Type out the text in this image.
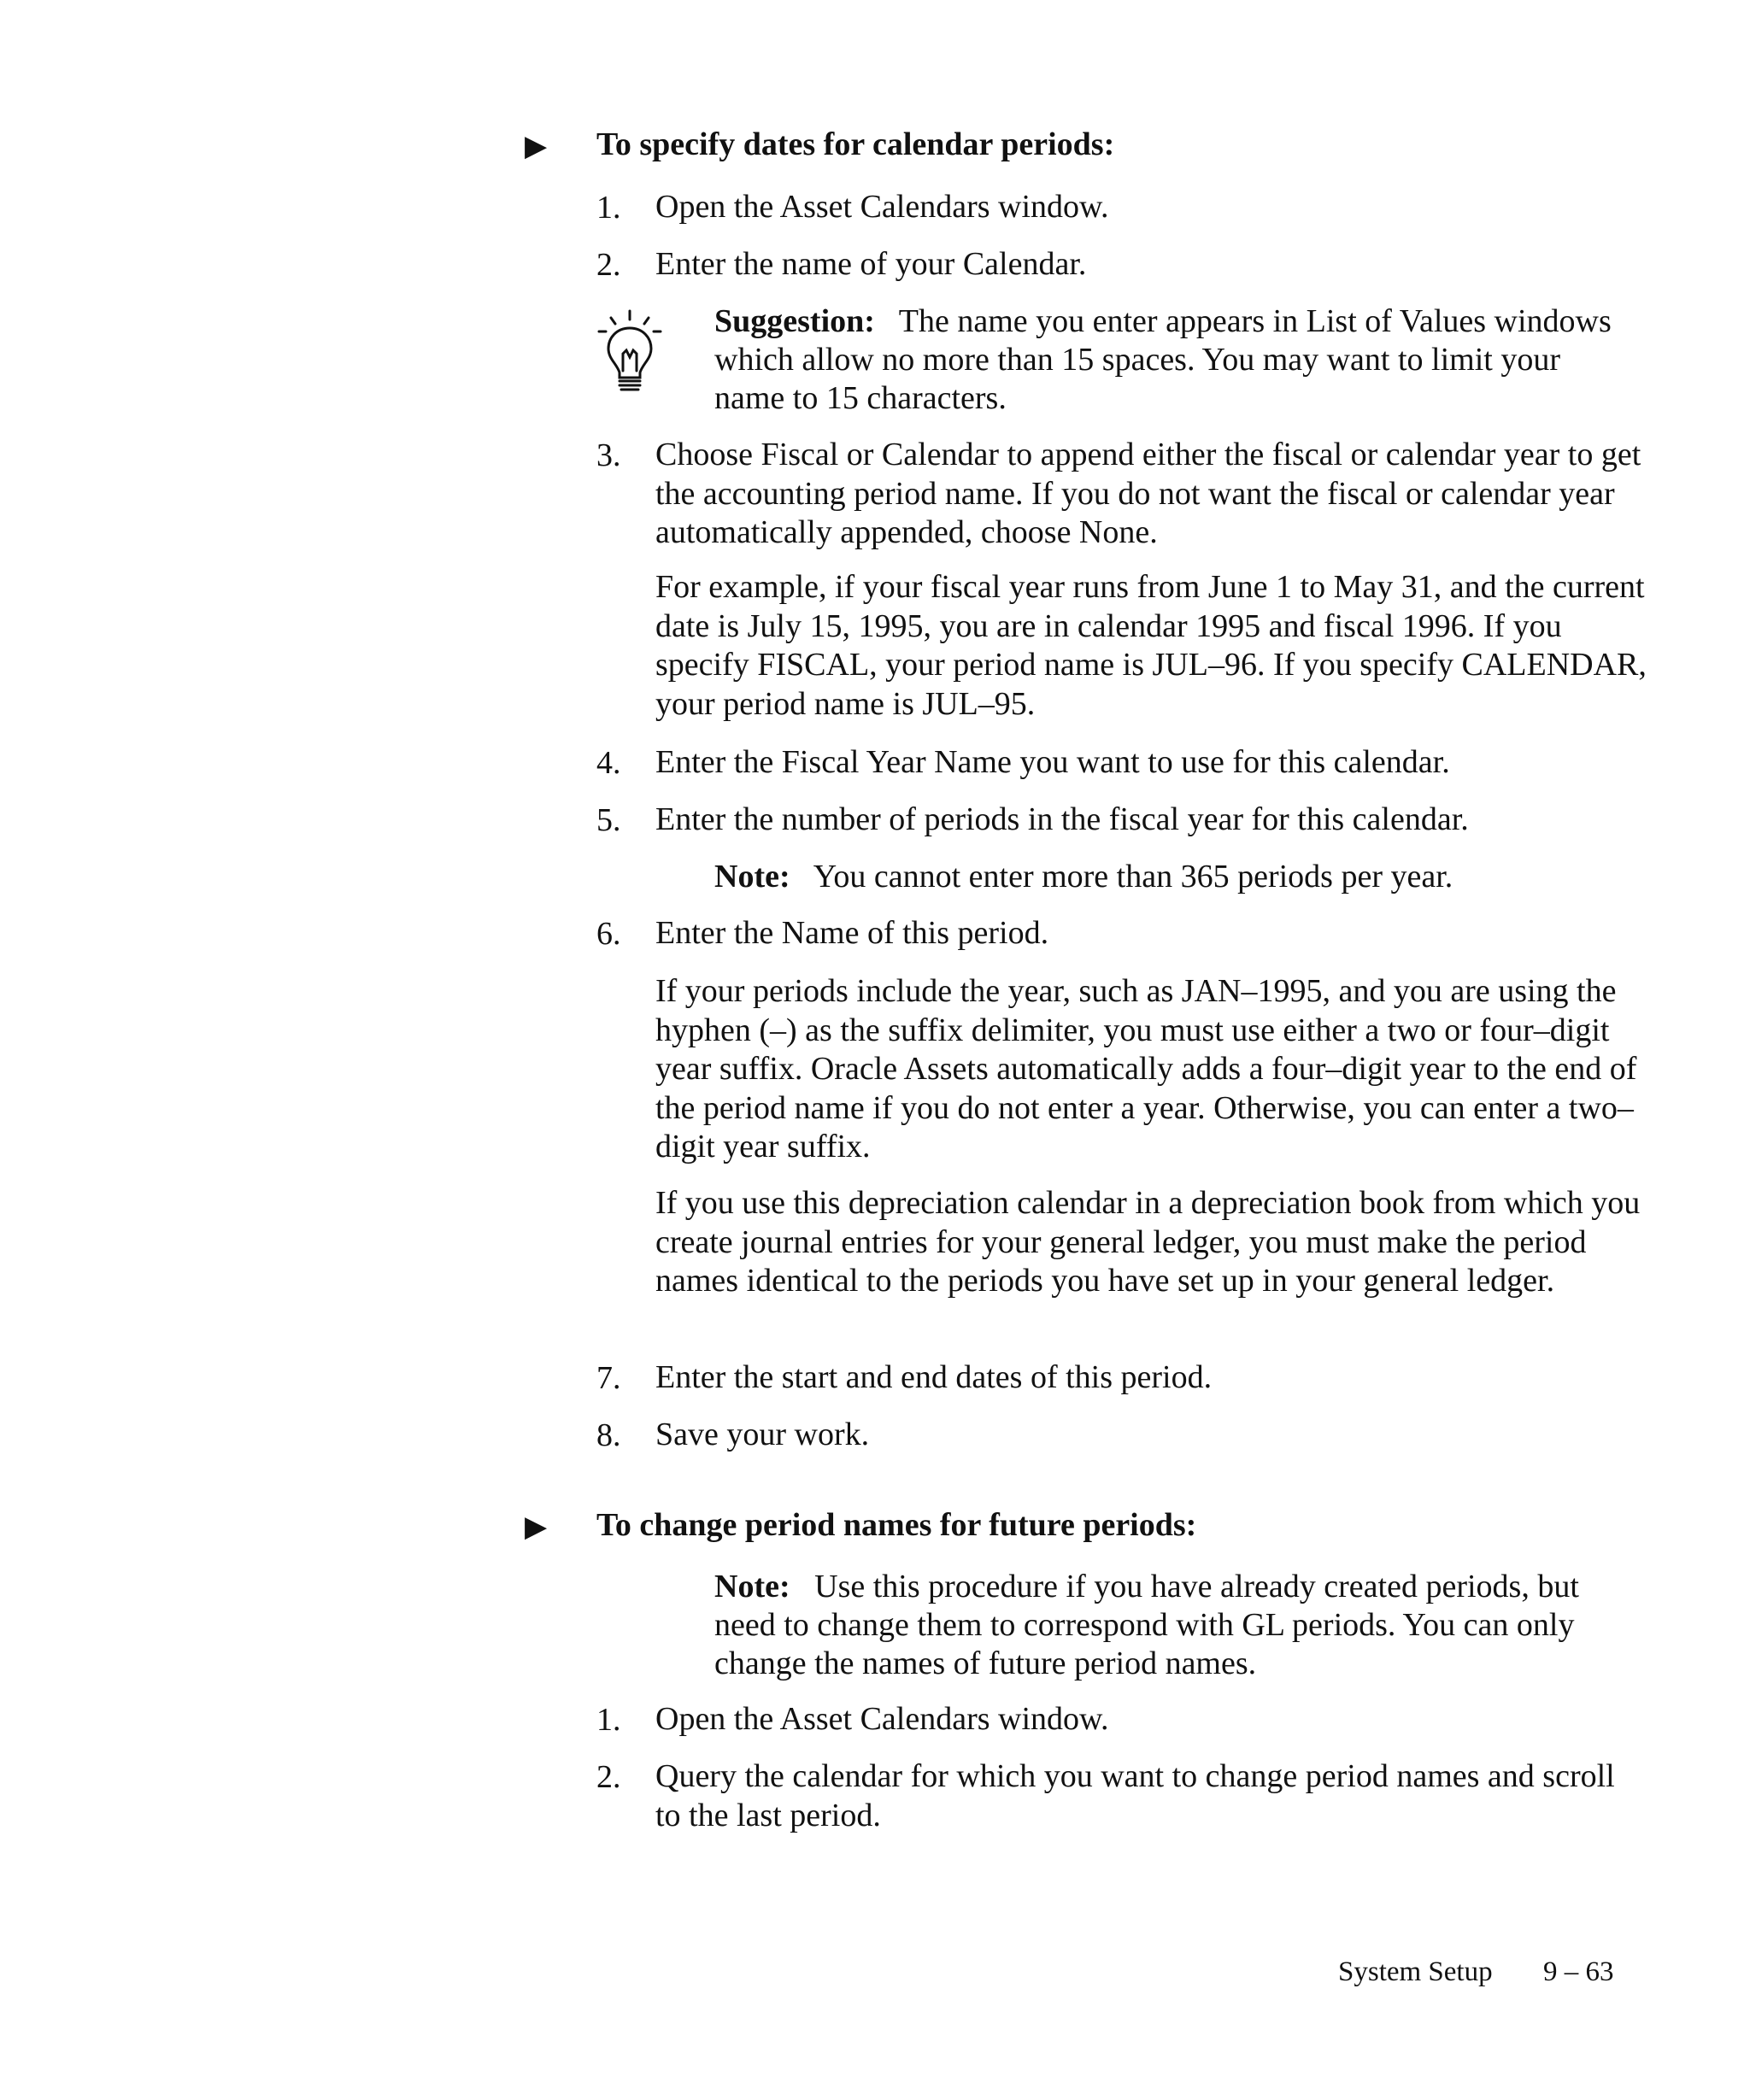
▶ To specify dates for calendar periods:
1. Open the Asset Calendars window.
2. Enter the name of your Calendar.
Suggestion: The name you enter appears in List of Values windows which allow no more than 15 spaces. You may want to limit your name to 15 characters.
3. Choose Fiscal or Calendar to append either the fiscal or calendar year to get the accounting period name. If you do not want the fiscal or calendar year automatically appended, choose None.
For example, if your fiscal year runs from June 1 to May 31, and the current date is July 15, 1995, you are in calendar 1995 and fiscal 1996. If you specify FISCAL, your period name is JUL–96. If you specify CALENDAR, your period name is JUL–95.
4. Enter the Fiscal Year Name you want to use for this calendar.
5. Enter the number of periods in the fiscal year for this calendar.
Note: You cannot enter more than 365 periods per year.
6. Enter the Name of this period.
If your periods include the year, such as JAN–1995, and you are using the hyphen (–) as the suffix delimiter, you must use either a two or four–digit year suffix. Oracle Assets automatically adds a four–digit year to the end of the period name if you do not enter a year. Otherwise, you can enter a two–digit year suffix.
If you use this depreciation calendar in a depreciation book from which you create journal entries for your general ledger, you must make the period names identical to the periods you have set up in your general ledger.
7. Enter the start and end dates of this period.
8. Save your work.
▶ To change period names for future periods:
Note: Use this procedure if you have already created periods, but need to change them to correspond with GL periods. You can only change the names of future period names.
1. Open the Asset Calendars window.
2. Query the calendar for which you want to change period names and scroll to the last period.
System Setup 9 – 63
